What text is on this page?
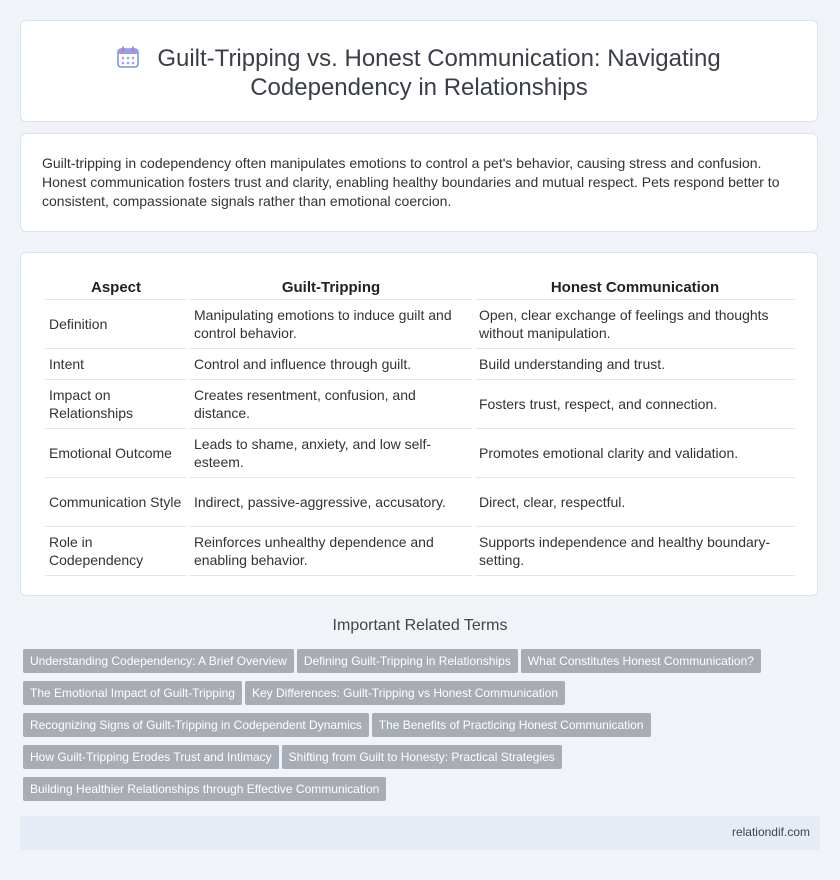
Guilt-Tripping vs. Honest Communication: Navigating Codependency in Relationships

Guilt-tripping in codependency often manipulates emotions to control a pet's behavior, causing stress and confusion. Honest communication fosters trust and clarity, enabling healthy boundaries and mutual respect. Pets respond better to consistent, compassionate signals rather than emotional coercion.

Aspect	Guilt-Tripping	Honest Communication
Definition	Manipulating emotions to induce guilt and control behavior.	Open, clear exchange of feelings and thoughts without manipulation.
Intent	Control and influence through guilt.	Build understanding and trust.
Impact on Relationships	Creates resentment, confusion, and distance.	Fosters trust, respect, and connection.
Emotional Outcome	Leads to shame, anxiety, and low self-esteem.	Promotes emotional clarity and validation.
Communication Style	Indirect, passive-aggressive, accusatory.	Direct, clear, respectful.
Role in Codependency	Reinforces unhealthy dependence and enabling behavior.	Supports independence and healthy boundary-setting.
Important Related Terms
Understanding Codependency: A Brief Overview Defining Guilt-Tripping in Relationships What Constitutes Honest Communication?
The Emotional Impact of Guilt-Tripping Key Differences: Guilt-Tripping vs Honest Communication
Recognizing Signs of Guilt-Tripping in Codependent Dynamics The Benefits of Practicing Honest Communication
How Guilt-Tripping Erodes Trust and Intimacy Shifting from Guilt to Honesty: Practical Strategies
Building Healthier Relationships through Effective Communication
relationdif.com
